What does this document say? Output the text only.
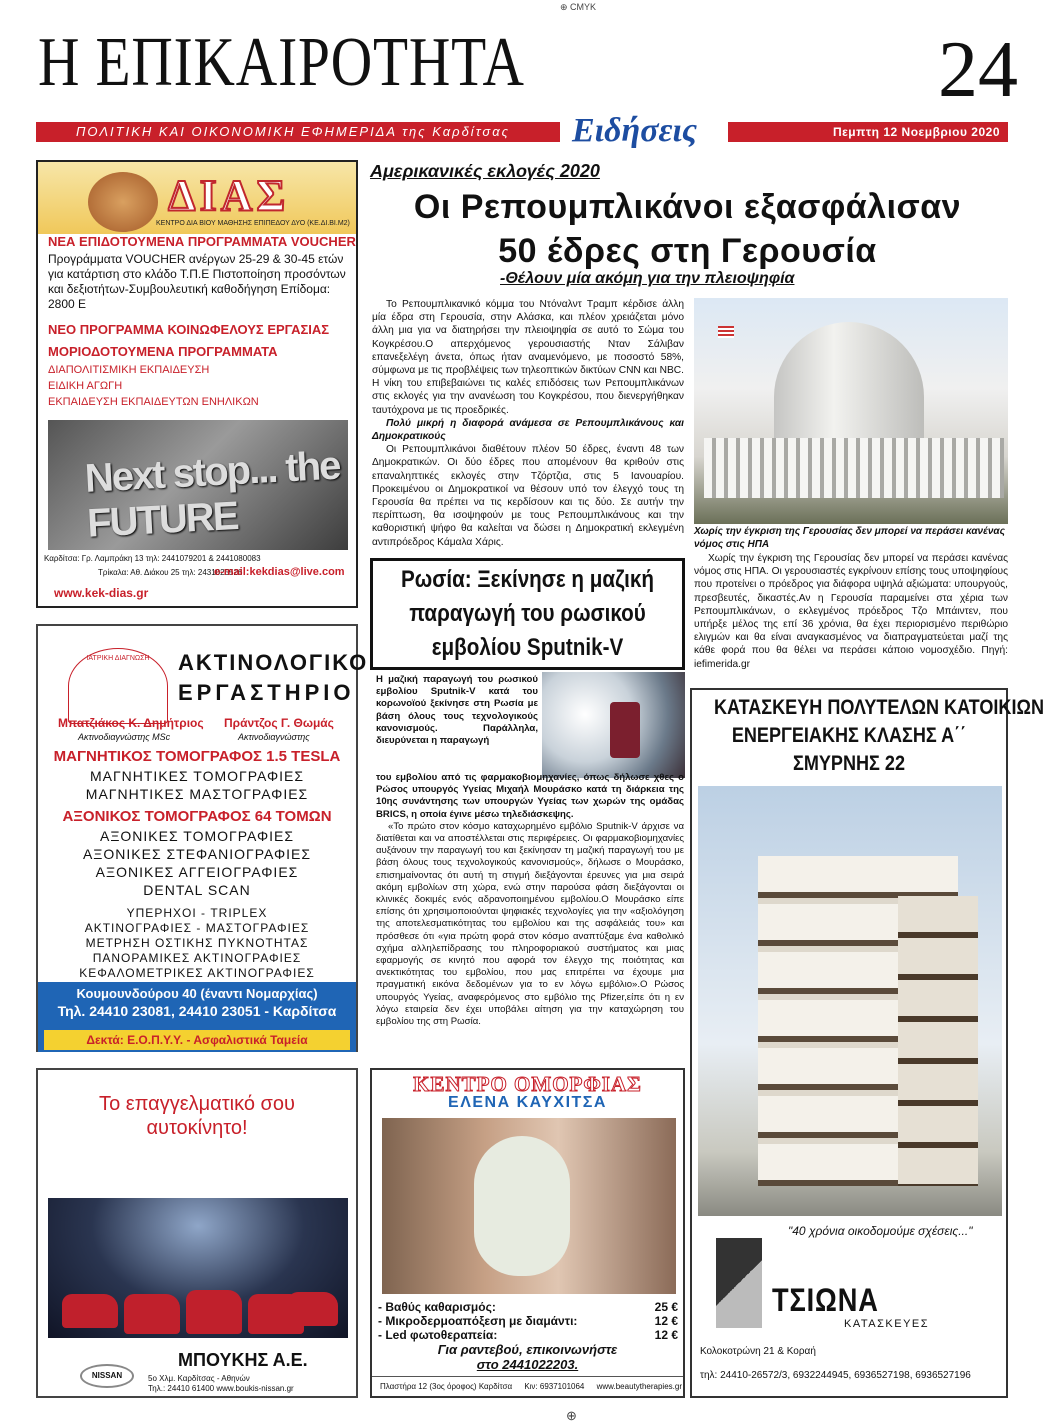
⊕ CMYK
Η ΕΠΙΚΑΙΡΟΤΗΤΑ
ΠΟΛΙΤΙΚΗ ΚΑΙ ΟΙΚΟΝΟΜΙΚΗ ΕΦΗΜΕΡΙΔΑ της Καρδίτσας	Ειδήσεις
24
Πεμπτη 12 Νοεμβριου 2020
ΔΙΑΣ
ΚΕΝΤΡΟ ΔΙΑ ΒΙΟΥ ΜΑΘΗΣΗΣ ΕΠΙΠΕΔΟΥ ΔΥΟ (ΚΕ.ΔΙ.ΒΙ.Μ2)
ΝΕΑ ΕΠΙΔΟΤΟΥΜΕΝΑ ΠΡΟΓΡΑΜΜΑΤΑ VOUCHER
Προγράμματα VOUCHER ανέργων 25-29 & 30-45 ετών για κατάρτιση στο κλάδο Τ.Π.Ε Πιστοποίηση προσόντων και δεξιοτήτων-Συμβουλευτική καθοδήγηση Επίδομα: 2800 Ε
ΝΕΟ ΠΡΟΓΡΑΜΜΑ ΚΟΙΝΩΦΕΛΟΥΣ ΕΡΓΑΣΙΑΣ
ΜΟΡΙΟΔΟΤΟΥΜΕΝΑ ΠΡΟΓΡΑΜΜΑΤΑ
ΔΙΑΠΟΛΙΤΙΣΜΙΚΗ ΕΚΠΑΙΔΕΥΣΗ
ΕΙΔΙΚΗ ΑΓΩΓΗ
ΕΚΠΑΙΔΕΥΣΗ ΕΚΠΑΙΔΕΥΤΩΝ ΕΝΗΛΙΚΩΝ
Next stop... the FUTURE
Καρδίτσα: Γρ. Λαμπράκη 13 τηλ: 2441079201 & 2441080083
Τρίκαλα: Αθ. Διάκου 25 τηλ: 2431025526
e-mail:kekdias@live.com
www.kek-dias.gr
ΙΑΤΡΙΚΗ ΔΙΑΓΝΩΣΗ	ΑΚΤΙΝΟΛΟΓΙΚΟ
ΕΡΓΑΣΤΗΡΙΟ
Μπατζιάκος Κ. Δημήτριος
Ακτινοδιαγνώστης MSc
Πράντζος Γ. Θωμάς
Ακτινοδιαγνώστης
ΜΑΓΝΗΤΙΚΟΣ ΤΟΜΟΓΡΑΦΟΣ 1.5 TESLA
ΜΑΓΝΗΤΙΚΕΣ ΤΟΜΟΓΡΑΦΙΕΣ
ΜΑΓΝΗΤΙΚΕΣ ΜΑΣΤΟΓΡΑΦΙΕΣ
ΑΞΟΝΙΚΟΣ ΤΟΜΟΓΡΑΦΟΣ 64 ΤΟΜΩΝ
ΑΞΟΝΙΚΕΣ ΤΟΜΟΓΡΑΦΙΕΣ
ΑΞΟΝΙΚΕΣ ΣΤΕΦΑΝΙΟΓΡΑΦΙΕΣ
ΑΞΟΝΙΚΕΣ ΑΓΓΕΙΟΓΡΑΦΙΕΣ
DENTAL SCAN
ΥΠΕΡΗΧΟΙ - TRIPLEX
ΑΚΤΙΝΟΓΡΑΦΙΕΣ - ΜΑΣΤΟΓΡΑΦΙΕΣ
ΜΕΤΡΗΣΗ ΟΣΤΙΚΗΣ ΠΥΚΝΟΤΗΤΑΣ
ΠΑΝΟΡΑΜΙΚΕΣ ΑΚΤΙΝΟΓΡΑΦΙΕΣ
ΚΕΦΑΛΟΜΕΤΡΙΚΕΣ ΑΚΤΙΝΟΓΡΑΦΙΕΣ
Κουμουνδούρου 40 (έναντι Νομαρχίας)
Τηλ. 24410 23081, 24410 23051 - Καρδίτσα
Δεκτά: Ε.Ο.Π.Υ.Υ. - Ασφαλιστικά Ταμεία
Το επαγγελματικό σου
αυτοκίνητο!
NISSAN
ΜΠΟΥΚΗΣ Α.Ε.
5ο Χλμ. Καρδίτσας - Αθηνών
Τηλ.: 24410 61400 www.boukis-nissan.gr
Αμερικανικές εκλογές 2020
Οι Ρεπουμπλικάνοι εξασφάλισαν
50 έδρες στη Γερουσία
-Θέλουν μία ακόμη για την πλειοψηφία

Το Ρεπουμπλικανικό κόμμα του Ντόναλντ Τραμπ κέρδισε άλλη μία έδρα στη Γερουσία, στην Αλάσκα, και πλέον χρειάζεται μόνο άλλη μια για να διατηρήσει την πλειοψηφία σε αυτό το Σώμα του Κογκρέσου.Ο απερχόμενος γερουσιαστής Νταν Σάλιβαν επανεξελέγη άνετα, όπως ήταν αναμενόμενο, με ποσοστό 58%, σύμφωνα με τις προβλέψεις των τηλεοπτικών δικτύων CNN και NBC. Η νίκη του επιβεβαιώνει τις καλές επιδόσεις των Ρεπουμπλικάνων στις εκλογές για την ανανέωση του Κογκρέσου, που διενεργήθηκαν ταυτόχρονα με τις προεδρικές.

Πολύ μικρή η διαφορά ανάμεσα σε Ρεπουμπλικάνους και Δημοκρατικούς

Οι Ρεπουμπλικάνοι διαθέτουν πλέον 50 έδρες, έναντι 48 των Δημοκρατικών. Οι δύο έδρες που απομένουν θα κριθούν στις επαναληπτικές εκλογές στην Τζόρτζια, στις 5 Ιανουαρίου. Προκειμένου οι Δημοκρατικοί να θέσουν υπό τον έλεγχό τους τη Γερουσία θα πρέπει να τις κερδίσουν και τις δύο. Σε αυτήν την περίπτωση, θα ισοψηφούν με τους Ρεπουμπλικάνους και την καθοριστική ψήφο θα καλείται να δώσει η Δημοκρατική εκλεγμένη αντιπρόεδρος Κάμαλα Χάρις.

Χωρίς την έγκριση της Γερουσίας δεν μπορεί να περάσει κανένας νόμος στις ΗΠΑ

Χωρίς την έγκριση της Γερουσίας δεν μπορεί να περάσει κανένας νόμος στις ΗΠΑ. Οι γερουσιαστές εγκρίνουν επίσης τους υποψηφίους που προτείνει ο πρόεδρος για διάφορα υψηλά αξιώματα: υπουργούς, πρεσβευτές, δικαστές.Αν η Γερουσία παραμείνει στα χέρια των Ρεπουμπλικάνων, ο εκλεγμένος πρόεδρος Τζο Μπάιντεν, που υπήρξε μέλος της επί 36 χρόνια, θα έχει περιορισμένο περιθώριο ελιγμών και θα είναι αναγκασμένος να διαπραγματεύεται μαζί της κάθε φορά που θα θέλει να περάσει κάποιο νομοσχέδιο. Πηγή: iefimerida.gr

Ρωσία: Ξεκίνησε η μαζική
παραγωγή του ρωσικού
εμβολίου Sputnik-V
Η μαζική παραγωγή του ρωσικού εμβολίου Sputnik-V κατά του κορωνοϊού ξεκίνησε στη Ρωσία με βάση όλους τους τεχνολογικούς κανονισμούς. Παράλληλα, διευρύνεται η παραγωγή
του εμβολίου από τις φαρμακοβιομηχανίες, όπως δήλωσε χθες ο Ρώσος υπουργός Υγείας Μιχαήλ Μουράσκο κατά τη διάρκεια της 10ης συνάντησης των υπουργών Υγείας των χωρών της ομάδας BRICS, η οποία έγινε μέσω τηλεδιάσκεψης.

«Το πρώτο στον κόσμο καταχωρημένο εμβόλιο Sputnik-V άρχισε να διατίθεται και να αποστέλλεται στις περιφέρειες. Οι φαρμακοβιομηχανίες αυξάνουν την παραγωγή του και ξεκίνησαν τη μαζική παραγωγή του με βάση όλους τους τεχνολογικούς κανονισμούς», δήλωσε ο Μουράσκο, επισημαίνοντας ότι αυτή τη στιγμή διεξάγονται έρευνες για μια σειρά ακόμη εμβολίων στη χώρα, ενώ στην παρούσα φάση διεξάγονται οι κλινικές δοκιμές ενός αδρανοποιημένου εμβολίου.Ο Μουράσκο είπε επίσης ότι χρησιμοποιούνται ψηφιακές τεχνολογίες για την «αξιολόγηση της αποτελεσματικότητας του εμβολίου και της ασφάλειάς του» και πρόσθεσε ότι «για πρώτη φορά στον κόσμο αναπτύξαμε ένα καθολικό σχήμα αλληλεπίδρασης του πληροφοριακού συστήματος και μιας εφαρμογής σε κινητό που αφορά τον έλεγχο της ποιότητας και ανεκτικότητας του εμβολίου, που μας επιτρέπει να έχουμε μια πραγματική εικόνα δεδομένων για το εν λόγω εμβόλιο».Ο Ρώσος υπουργός Υγείας, αναφερόμενος στο εμβόλιο της Pfizer,είπε ότι η εν λόγω εταιρεία δεν έχει υποβάλει αίτηση για την καταχώρηση του εμβολίου της στη Ρωσία.

ΚΕΝΤΡΟ ΟΜΟΡΦΙΑΣ
ΕΛΕΝΑ ΚΑΥΧΙΤΣΑ
- Βαθύς καθαρισμός:	25 €
- Μικροδερμοαπόξεση με διαμάντι:	12 €
- Led φωτοθεραπεία:	12 €
Για ραντεβού, επικοινωνήστε
στο 2441022203.
Πλαστήρα 12 (3ος όροφος) Καρδίτσα Κιν: 6937101064 www.beautytherapies.gr
ΚΑΤΑΣΚΕΥΗ ΠΟΛΥΤΕΛΩΝ ΚΑΤΟΙΚΙΩΝ
ΕΝΕΡΓΕΙΑΚΗΣ ΚΛΑΣΗΣ Α΄΄
ΣΜΥΡΝΗΣ 22
"40 χρόνια οικοδομούμε σχέσεις..."
ΤΣΙΩΝΑ
ΚΑΤΑΣΚΕΥΕΣ
Κολοκοτρώνη 21 & Κοραή
τηλ: 24410-26572/3, 6932244945, 6936527198, 6936527196
⊕
